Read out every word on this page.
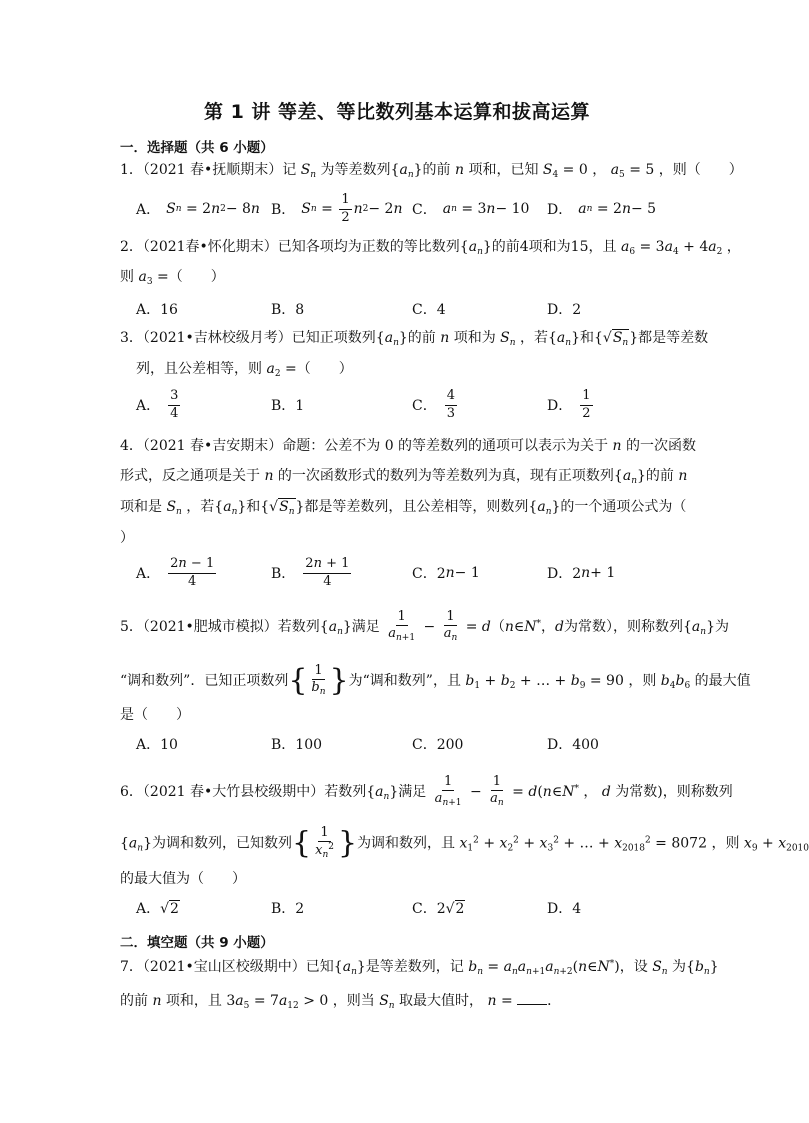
第 1 讲 等差、等比数列基本运算和拔高运算
一．选择题（共 6 小题）
1．（2021 春•抚顺期末）记 $S_n$ 为等差数列$\{a_n\}$的前 n 项和，已知 $S_4 = 0$ ， $a_5 = 5$ ，则（　　）
A． S n = 2 n 2 − 8 n B． S $n = \frac{1}{2}$ n 2 − 2 n C． a n = 3 n − 10 D． a n = 2 n − 5
2．（2021春•怀化期末）已知各项均为正数的等比数列$\{a_n\}$的前4项和为15，且 $a_6 = 3a_4 + 4a_2$ ，
则 $a_3$ =（　　）
A．16	B．8	C．4	D．2
3．（2021•吉林校级月考）已知正项数列$\{a_n\}$的前 n 项和为 $S_n$ ，若$\{a_n\}$和$\{√S_n\}$都是等差数
列，且公差相等，则 $a_2$ =（　　）
A． $\frac{3}{4}$	B．1	C． $\frac{4}{3}$	D． $\frac{1}{2}$
4．（2021 春•吉安期末）命题：公差不为 0 的等差数列的通项可以表示为关于 n 的一次函数
形式，反之通项是关于 n 的一次函数形式的数列为等差数列为真，现有正项数列$\{a_n\}$的前 n
项和是 $S_n$ ，若$\{a_n\}$和$\{√S_n\}$都是等差数列，且公差相等，则数列$\{a_n\}$的一个通项公式为（
）
A． $\frac{2n - 1}{4}$	B． $\frac{2n + 1}{4}$	C．2 n − 1	D．2 n + 1
5．（2021•肥城市模拟）若数列$\{a_n\}$满足 $\frac{1}{a_{n+1}} - \frac{1}{a_n}$ = d（n∈N*，d为常数），则称数列$\{a_n\}$为
“调和数列”．已知正项数列{ $\frac{1}{b_n}$ }为“调和数列”，且 $b_1 + b_2$ + … + $b_9 = 90$ ，则 $b_4b_6$ 的最大值
是（　　）
A．10	B．100	C．200	D．400
6．（2021 春•大竹县校级期中）若数列$\{a_n\}$满足 $\frac{1}{a_{n+1}} - \frac{1}{a_n}$ = d(n∈N* ， d 为常数)，则称数列
$\{a_n\}$为调和数列，已知数列{ $\frac{1}{x_n^2}$ }为调和数列，且 $x_1^2 + x_2^2 + x_3^2$ + … + $x_{2018}^2 = 8072$ ，则 $x_9 + x_{2010}$
的最大值为（　　）
A．√ 2	B．2	C．2√ 2	D．4
二．填空题（共 9 小题）
7．（2021•宝山区校级期中）已知$\{a_n\}$是等差数列，记 $b_n$ = $a_na_{n+1}a_{n+2}(n\in N^*)$，设 $S_n$ 为$\{b_n\}$
的前 n 项和，且 $3a_5 = 7a_{12} > 0$ ，则当 $S_n$ 取最大值时， n = ．
